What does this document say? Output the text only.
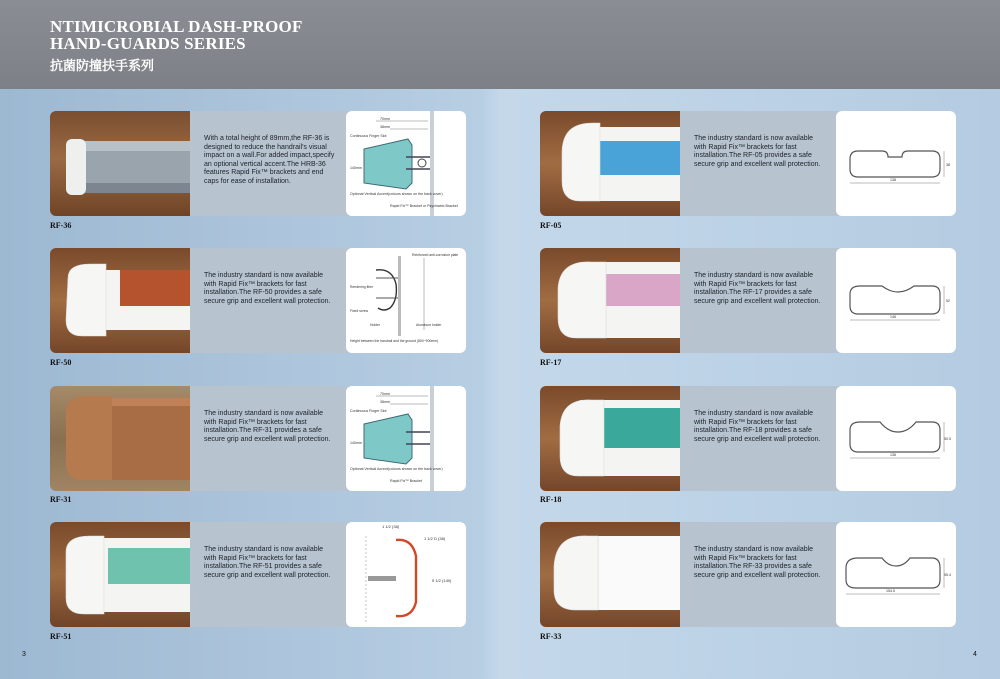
NTIMICROBIAL DASH-PROOF
HAND-GUARDS SERIES
抗菌防撞扶手系列
With a total height of 89mm,the RF-36 is designed to reduce the handrail's visual impact on a wall.For added impact,specify an optional vertical accent.The HRB-36 features Rapid Fix™ brackets and end caps for ease of installation.
70mm
38mm
Continuous Finger Slot
140mm
Optional Vertical Accent(colours shown on the back cover)
Rapid Fix™ Bracket or Psychiatric Bracket
RF-36
The industry standard is now available with Rapid Fix™ brackets for fast installation.The RF-50 provides a safe secure grip and excellent wall protection.
Reinforced anti-corrosion plate
Rendering fiber
Fixed screw
Holder	Aluminum holder
Height between the handrail and the ground (800~900mm)
RF-50
The industry standard is now available with Rapid Fix™ brackets for fast installation.The RF-31 provides a safe secure grip and excellent wall protection.
70mm
38mm
Continuous Finger Slot
140mm
Optional Vertical Accent(colours shown on the back cover)
Rapid Fix™ Bracket
RF-31
The industry standard is now available with Rapid Fix™ brackets for fast installation.The RF-51 provides a safe secure grip and excellent wall protection.
1 1/2 (38)
1 1/2 D (38)
5 1/2 (140)
RF-51
The industry standard is now available with Rapid Fix™ brackets for fast installation.The RF-05 provides a safe secure grip and excellent wall protection.
138
38
RF-05
The industry standard is now available with Rapid Fix™ brackets for fast installation.The RF-17 provides a safe secure grip and excellent wall protection.
146
52
RF-17
The industry standard is now available with Rapid Fix™ brackets for fast installation.The RF-18 provides a safe secure grip and excellent wall protection.
136
50.5
RF-18
The industry standard is now available with Rapid Fix™ brackets for fast installation.The RF-33 provides a safe secure grip and excellent wall protection.
154.5
55.4
RF-33
3	4
